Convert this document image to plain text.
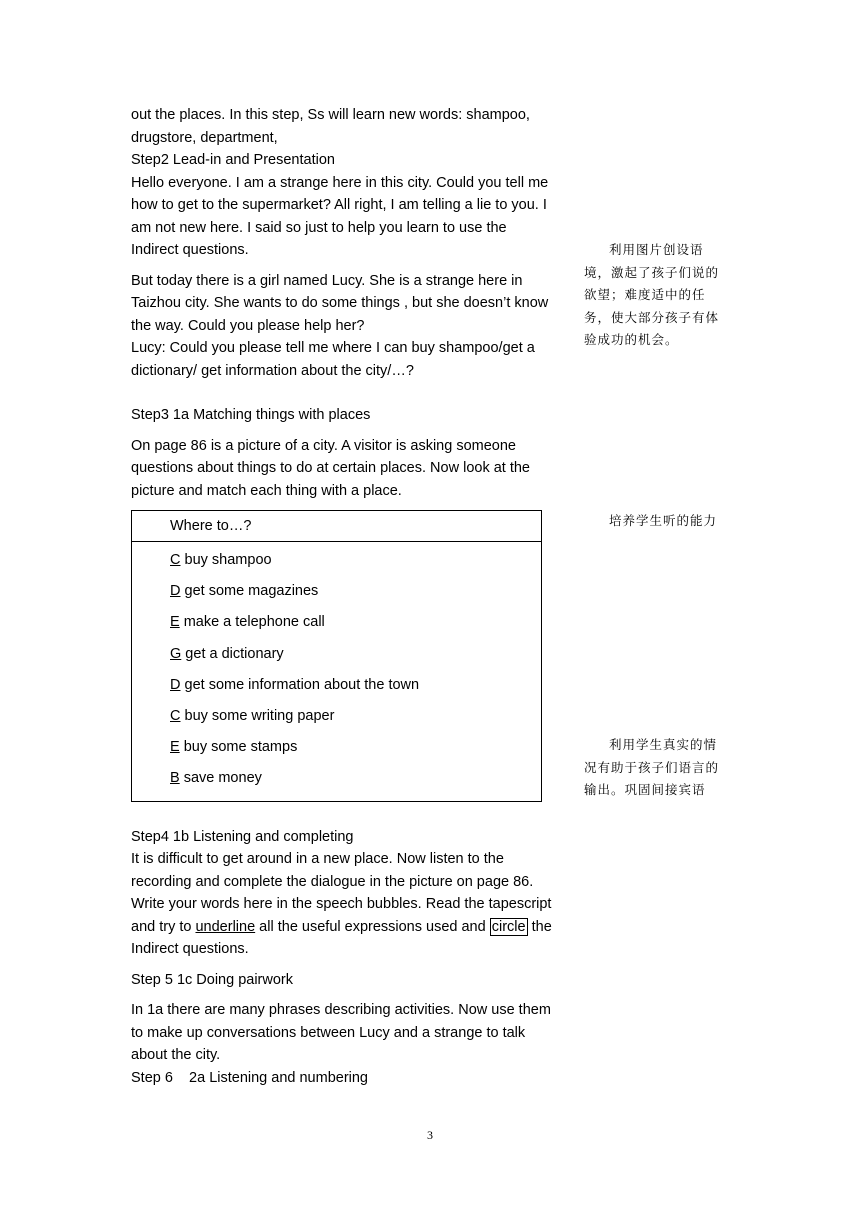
out the places. In this step, Ss will learn new words: shampoo,

drugstore, department,

Step2 Lead-in and Presentation

Hello everyone. I am a strange here in this city. Could you tell me

how to get to the supermarket? All right, I am telling a lie to you. I

am not new here. I said so just to help you learn to use the

Indirect questions.

But today there is a girl named Lucy. She is a strange here in

Taizhou city. She wants to do some things , but she doesn’t know

the way. Could you please help her?

Lucy: Could you please tell me where I can buy shampoo/get a

dictionary/ get information about the city/…?

Step3 1a Matching things with places

On page 86 is a picture of a city. A visitor is asking someone

questions about things to do at certain places. Now look at the

picture and match each thing with a place.

Where to…?

C buy shampoo
D get some magazines
E make a telephone call
G get a dictionary
D get some information about the town
C buy some writing paper
E buy some stamps
B save money

Step4 1b Listening and completing

It is difficult to get around in a new place. Now listen to the

recording and complete the dialogue in the picture on page 86.

Write your words here in the speech bubbles. Read the tapescript

and try to underline all the useful expressions used and circle the

Indirect questions.

Step 5 1c Doing pairwork

In 1a there are many phrases describing activities. Now use them

to make up conversations between Lucy and a strange to talk

about the city.

Step 6    2a Listening and numbering

利用图片创设语境，激起了孩子们说的欲望；难度适中的任务，使大部分孩子有体验成功的机会。

培养学生听的能力

利用学生真实的情况有助于孩子们语言的输出。巩固间接宾语

3
